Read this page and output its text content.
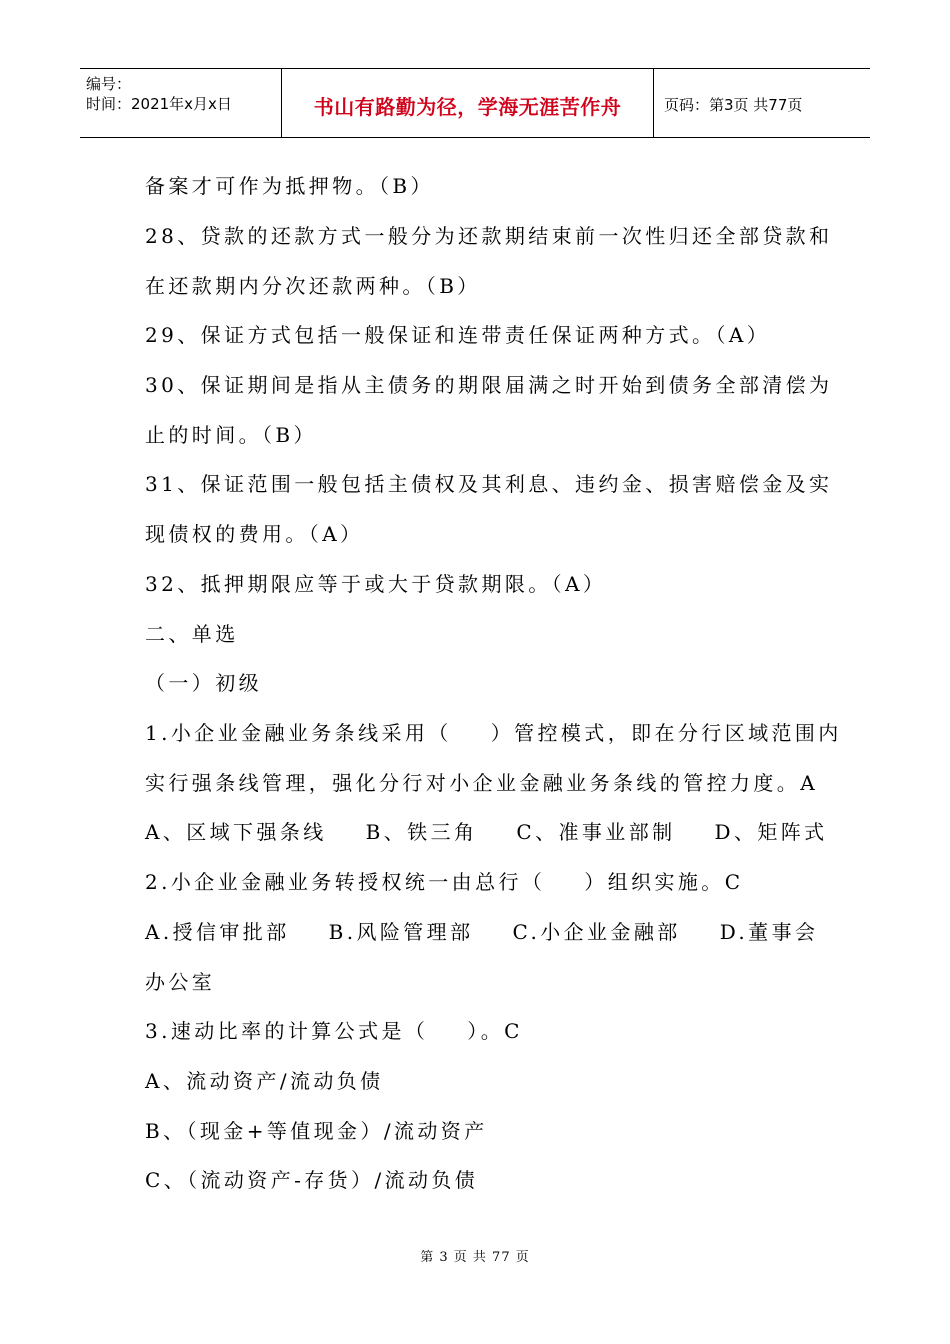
编号：
时间：2021年x月x日	书山有路勤为径，学海无涯苦作舟	页码：第3页 共77页
备案才可作为抵押物。（B）
28、贷款的还款方式一般分为还款期结束前一次性归还全部贷款和
在还款期内分次还款两种。（B）
29、保证方式包括一般保证和连带责任保证两种方式。（A）
30、保证期间是指从主债务的期限届满之时开始到债务全部清偿为
止的时间。（B）
31、保证范围一般包括主债权及其利息、违约金、损害赔偿金及实
现债权的费用。（A）
32、抵押期限应等于或大于贷款期限。（A）
二、单选
（一）初级
1.小企业金融业务条线采用（    ）管控模式，即在分行区域范围内
实行强条线管理，强化分行对小企业金融业务条线的管控力度。A
A、区域下强条线    B、铁三角    C、准事业部制    D、矩阵式
2.小企业金融业务转授权统一由总行（    ）组织实施。C
A.授信审批部    B.风险管理部    C.小企业金融部    D.董事会
办公室
3.速动比率的计算公式是（    ）。C
A、流动资产/流动负债
B、（现金+等值现金）/流动资产
C、（流动资产-存货）/流动负债
第 3 页 共 77 页
